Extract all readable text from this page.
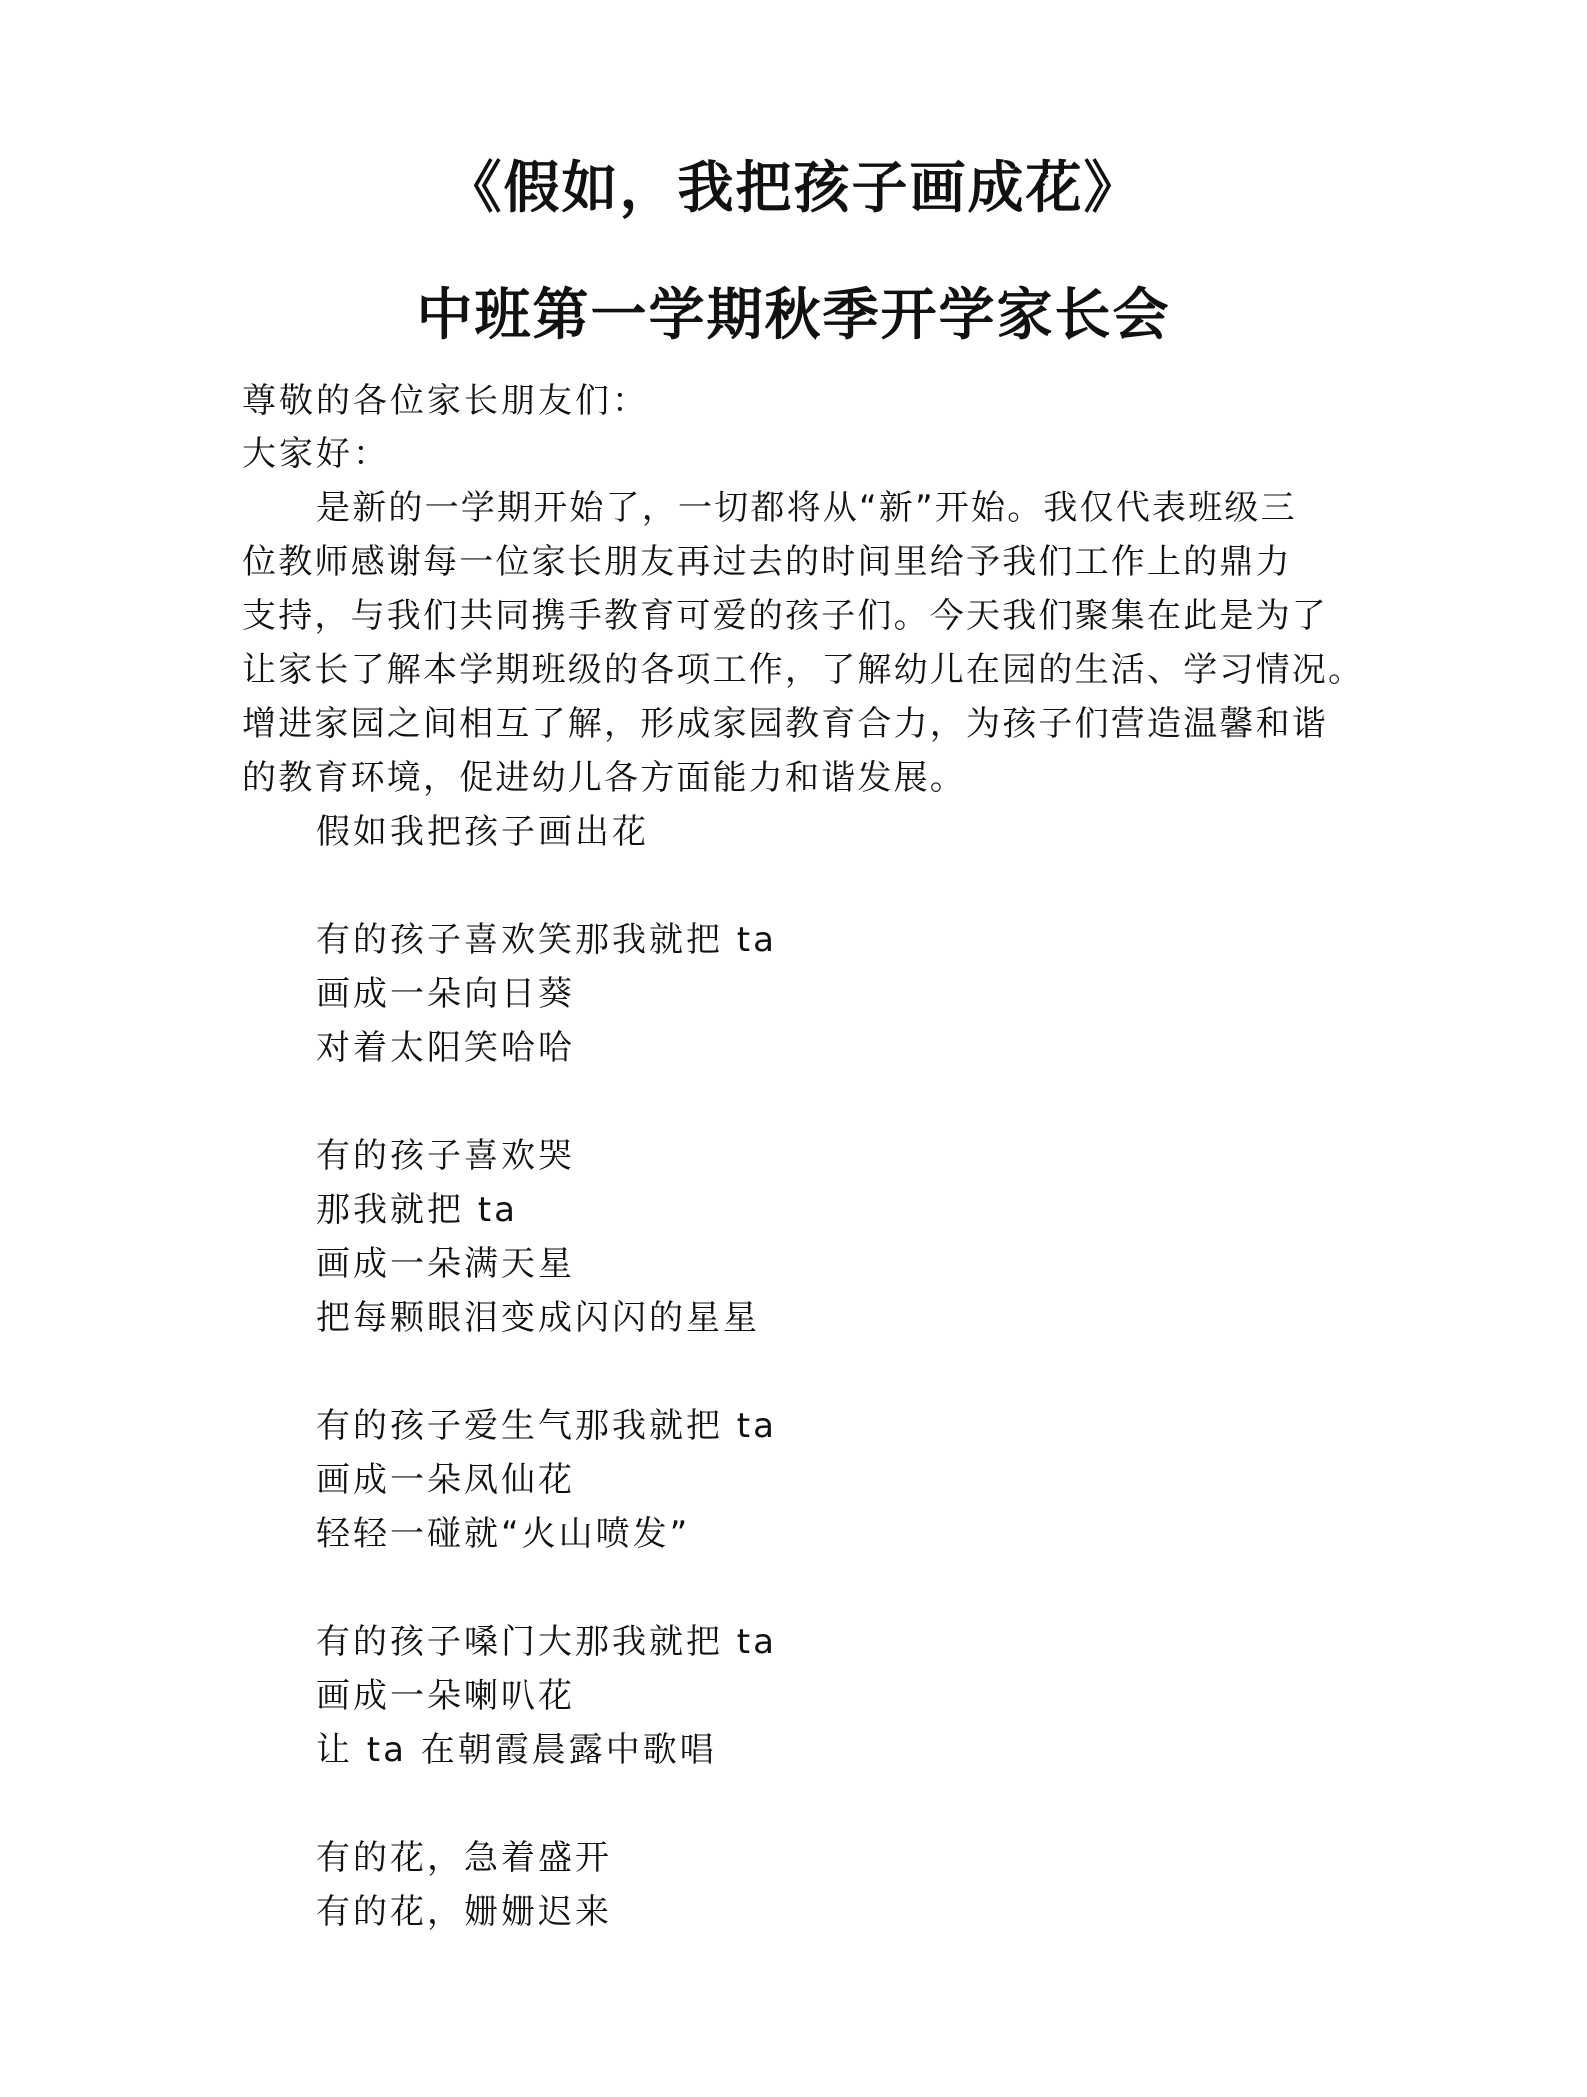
《假如，我把孩子画成花》
中班第一学期秋季开学家长会
尊敬的各位家长朋友们：
大家好：
是新的一学期开始了，一切都将从“新”开始。我仅代表班级三
位教师感谢每一位家长朋友再过去的时间里给予我们工作上的鼎力
支持，与我们共同携手教育可爱的孩子们。今天我们聚集在此是为了
让家长了解本学期班级的各项工作，了解幼儿在园的生活、学习情况。
增进家园之间相互了解，形成家园教育合力，为孩子们营造温馨和谐
的教育环境，促进幼儿各方面能力和谐发展。
假如我把孩子画出花
有的孩子喜欢笑那我就把 ta
画成一朵向日葵
对着太阳笑哈哈
有的孩子喜欢哭
那我就把 ta
画成一朵满天星
把每颗眼泪变成闪闪的星星
有的孩子爱生气那我就把 ta
画成一朵凤仙花
轻轻一碰就“火山喷发”
有的孩子嗓门大那我就把 ta
画成一朵喇叭花
让 ta 在朝霞晨露中歌唱
有的花，急着盛开
有的花，姗姗迟来
